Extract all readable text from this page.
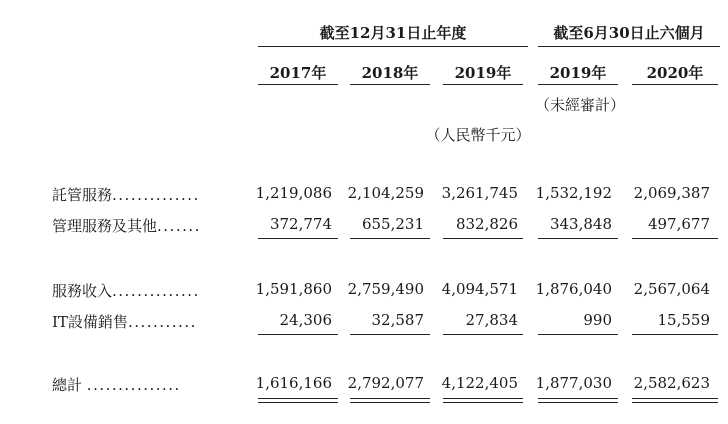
截至12月31日止年度	截至6月30日止六個月
2017年	2018年	2019年	2019年	2020年
（未經審計）
（人民幣千元）
託管服務..............	1,219,086	2,104,259	3,261,745	1,532,192	2,069,387
管理服務及其他.......	372,774	655,231	832,826	343,848	497,677
服務收入..............	1,591,860	2,759,490	4,094,571	1,876,040	2,567,064
IT設備銷售...........	24,306	32,587	27,834	990	15,559
總計 ...............	1,616,166	2,792,077	4,122,405	1,877,030	2,582,623
